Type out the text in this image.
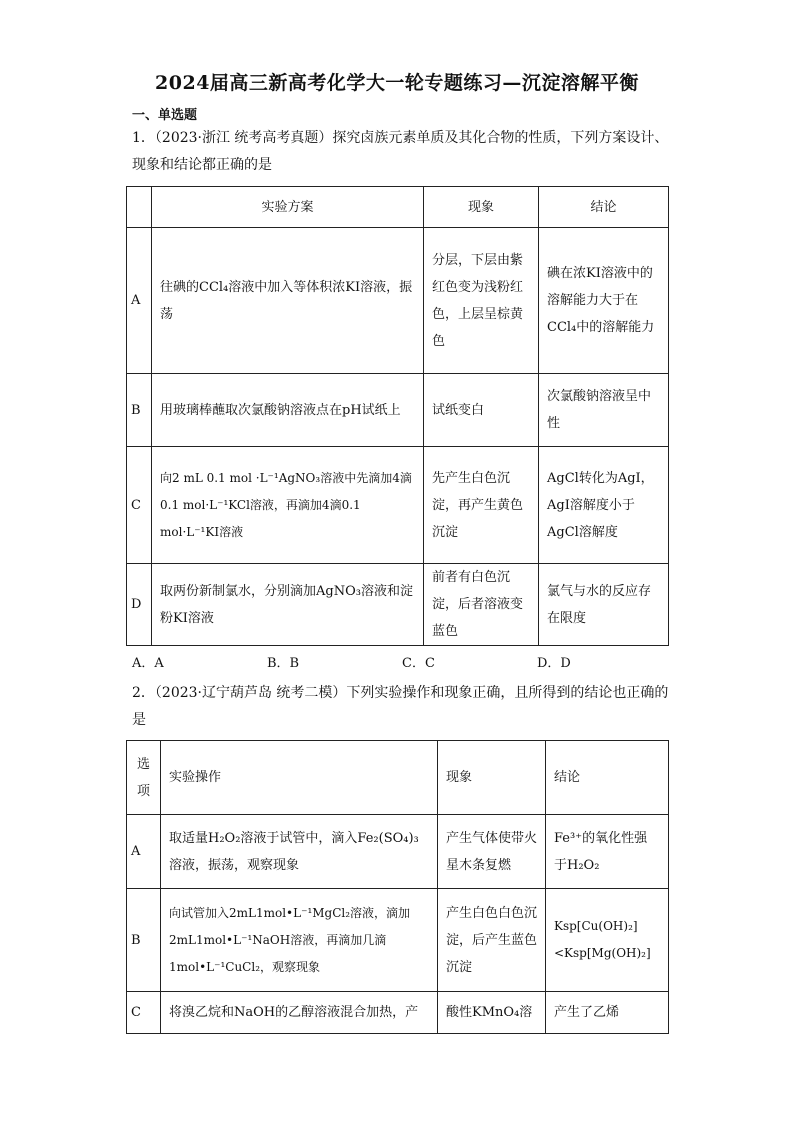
2024届高三新高考化学大一轮专题练习—沉淀溶解平衡
一、单选题
1．（2023·浙江 统考高考真题）探究卤族元素单质及其化合物的性质，下列方案设计、现象和结论都正确的是
	实验方案	现象	结论
A	往碘的CCl₄溶液中加入等体积浓KI溶液，振荡	分层，下层由紫红色变为浅粉红色，上层呈棕黄色	碘在浓KI溶液中的溶解能力大于在CCl₄中的溶解能力
B	用玻璃棒蘸取次氯酸钠溶液点在pH试纸上	试纸变白	次氯酸钠溶液呈中性
C	向2 mL 0.1 mol ·L⁻¹AgNO₃溶液中先滴加4滴0.1 mol·L⁻¹KCl溶液，再滴加4滴0.1 mol·L⁻¹KI溶液	先产生白色沉淀，再产生黄色沉淀	AgCl转化为AgI，AgI溶解度小于AgCl溶解度
D	取两份新制氯水，分别滴加AgNO₃溶液和淀粉KI溶液	前者有白色沉淀，后者溶液变蓝色	氯气与水的反应存在限度
A．A	B．B	C．C	D．D
2．（2023·辽宁葫芦岛 统考二模）下列实验操作和现象正确，且所得到的结论也正确的是
选项	实验操作	现象	结论
A	取适量H₂O₂溶液于试管中，滴入Fe₂(SO₄)₃溶液，振荡，观察现象	产生气体使带火星木条复燃	Fe³⁺的氧化性强于H₂O₂
B	向试管加入2mL1mol•L⁻¹MgCl₂溶液，滴加2mL1mol•L⁻¹NaOH溶液，再滴加几滴1mol•L⁻¹CuCl₂，观察现象	产生白色白色沉淀，后产生蓝色沉淀	Ksp[Cu(OH)₂]<Ksp[Mg(OH)₂]
C	将溴乙烷和NaOH的乙醇溶液混合加热，产	酸性KMnO₄溶	产生了乙烯
